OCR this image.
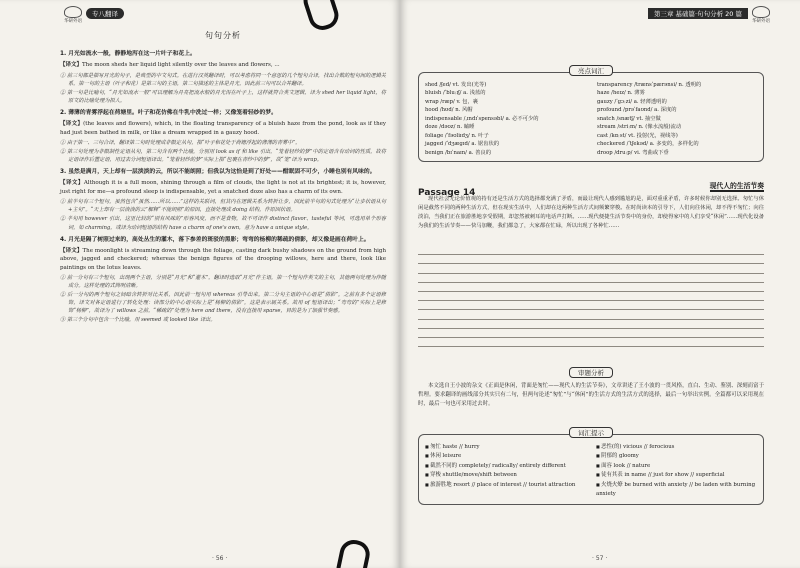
华研外语
专八翻译
句句分析
1. 月光如流水一般，静静地泻在这一片叶子和花上。
【译文】The moon sheds her liquid light silently over the leaves and flowers, ...
① 前三句都是描写月光的句子，是典型的中文句式。在进行汉英翻译时，可以考虑将同一个意思的几个短句合译，找出合数的短句间的逻辑关系。第一句的主语（叶子和花）是第三句的主语，第二句描述的主体是月光，因此前三句可以合并翻译。
② 第一句是比喻句，“月光如流水一般”可以理解为月亮把流水般的月光泻在叶子上，这样就符合英文逻辑，译为 shed her liquid light，将原文的比喻处理为拟人。
2. 薄薄的青雾浮起在荷塘里。叶子和花仿佛在牛乳中洗过一样；又像笼着轻纱的梦。
【译文】(the leaves and flowers), which, in the floating transparency of a bluish haze from the pond, look as if they had just been bathed in milk, or like a dream wrapped in a gauzy hood.
① 由于第一、三句合译，翻译第二句时处理成非限定从句，指“叶子和花处于荷塘浮起的薄薄的青雾中”。
② 第三句处理为非限制性定语从句，第二句含有两个比喻，分别用 look as if 和 like 引出。“笼着轻纱的梦”中的定语含有动词的性质，故将定语译作后置定语，用过去分词短语译出。“笼着轻纱的梦”实际上指“包裹在青纱中的梦”，故“笼”译为 wrap。
3. 虽然是满月，天上却有一层淡淡的云，所以不能朗照；但我以为这恰是到了好处——酣眠固不可少，小睡也别有风味的。
【译文】Although it is a full moon, shining through a film of clouds, the light is not at its brightest; it is, however, just right for me—a profound sleep is indispensable, yet a snatched doze also has a charm of its own.
① 前半句有三个短句，虽然包含“虽然……所以……”这样的关联词，但其内在逻辑关系为转折让步，因此前半句的句式处理为“让步状语从句+主句”。“天上却有一层淡淡的云”解释“不能朗照”的原因，直接处理成 doing 结构，作原因状语。
② 半句用 however 引出，这里比较的“别有风味的”形容风度，而不是食物，故不可译作 distinct flavor、tasteful 等词，可选用单个形容词，如 charming，或译为动词短语的结构 have a charm of one's own，意为 have a unique style。
4. 月光是隔了树照过来的，高处丛生的灌木，落下参差的斑驳的黑影；弯弯的杨柳的稀疏的倩影，却又像是画在荷叶上。
【译文】The moonlight is streaming down through the foliage, casting dark bushy shadows on the ground from high above, jagged and checkered; whereas the benign figures of the drooping willows, here and there, look like paintings on the lotus leaves.
① 前一分句有三个短句，出现两个主语，分别是“月光”和“灌木”。翻译时选取“月光”作主语，第一个短句作英文的主句，其他两句处理为伴随成分。这样处理的式简明清晰。
② 后一分句的两个短句之间暗含转折对比关系，因此前一短句用 whereas 引导出来。第二分句主语的中心语是“倩影”，之前有多个定语修饰，译文对各定语进行了转化处理：读部分的中心语实际上是“杨柳的倩影”，这是表示属关系。故用 of 短语译出；“弯弯的”实际上是修饰“杨柳”，故译为了 willows 之前。“稀疏的”处理为 here and there，没有直接用 sparse，目的是为了加强节奏感。
③ 第三个分句中包含一个比喻，用 seemed 或 looked like 译出。
· 56 ·
第三章 基础篇·句句分析 20 篇
华研外语
· 57 ·
亮点词汇
shed /ʃed/ vt. 发出(光等)
bluish /ˈbluːɪʃ/ a. 浅蓝的
wrap /ræp/ v. 包，裹
hood /hʊd/ n. 风帽
indispensable /ˌɪndɪˈspensəbl/ a. 必不可少的
doze /dəʊz/ n. 瞌睡
foliage /ˈfəʊliɪdʒ/ n. 叶子
jagged /ˈdʒæɡɪd/ a. 锯齿状的
benign /bɪˈnaɪn/ a. 善良的
transparency /trænsˈpærənsi/ n. 透明的
haze /heɪz/ n. 薄雾
gauzy /ˈɡɔːzi/ a. 轻薄透明的
profound /prəˈfaʊnd/ a. 深度的
snatch /snætʃ/ vt. 抽空做
stream /striːm/ n. (像水流般)流动
cast /kɑːst/ vt. 投射(光，视线等)
checkered /ˈtʃekəd/ a. 多变的，多样化的
droop /druːp/ vi. 弯曲或下垂
Passage 14
现代人的生活节奏
现代社会无论价值观的持有还是生活方式的选择都充满了矛盾，而最让现代人感到尴尬的是，面对重重矛盾，许多时候你却别无选择。匆忙与休闲是截然不同的两种生活方式，但在现实生活中，人们却在这两种生活方式间频繁穿梭。在时尚读本的引导下，人们向往休闲，却不得不匆忙；向往淡泊，当我们正在旅游胜地享受假期，却忽然被刺耳的电话声打断。……现代便捷生活节奏中的身份，却使得家中的人们享受“休闲”……现代化设备为我们的生活节奏——快马加鞭，我们都急了，大家都在忙碌，所以出现了各种忙……
审题分析
本文选自王小波的杂文《正面是休闲，背面是匆忙——现代人的生活节奏》，文章讲述了王小波的一贯风格，直白、生动、鉴别、深刻而富于哲理。要求翻译的画线部分其实只有二句，但两句论述“匆忙”与“休闲”的生活方式的生活方式的选择，最后一句举出实例。全篇都可以采用现在时，最后一句也可采用过去时。
词汇提示
■ 匆忙 haste // hurry
■ 休闲 leisure
■ 截然不同的 completely/ radically/ entirely different
■ 穿梭 shuttle/move/shift between
■ 旅游胜地 resort // place of interest // tourist attraction
■ 恶性(的) vicious // ferocious
■ 阴郁的 gloomy
■ 面容 look // nature
■ 徒有其表 in name // just for show // superficial
■ 火烧火燎 be burned with anxiety // be laden with burning anxiety
